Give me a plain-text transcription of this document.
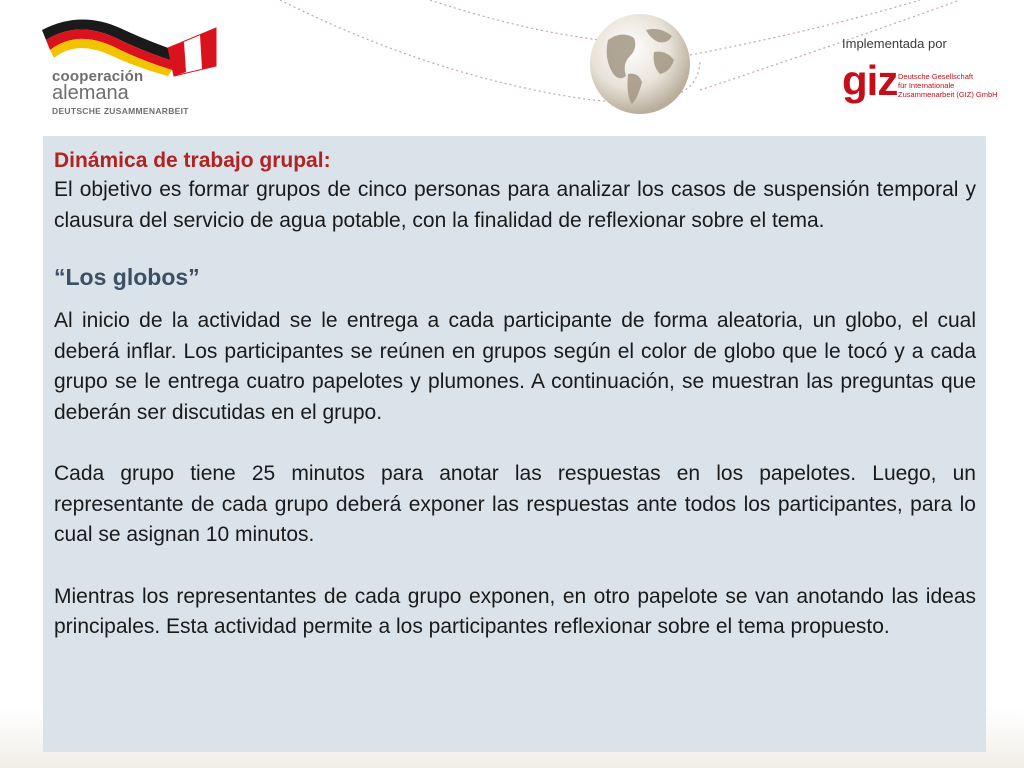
cooperación
alemana
DEUTSCHE ZUSAMMENARBEIT
Implementada por
giz Deutsche Gesellschaft
für Internationale
Zusammenarbeit (GIZ) GmbH
Dinámica de trabajo grupal:

El objetivo es formar grupos de cinco personas para analizar los casos de suspensión temporal y clausura del servicio de agua potable, con la finalidad de reflexionar sobre el tema.

“Los globos”

Al inicio de la actividad se le entrega a cada participante de forma aleatoria, un globo, el cual deberá inflar. Los participantes se reúnen en grupos según el color de globo que le tocó y a cada grupo se le entrega cuatro papelotes y plumones. A continuación, se muestran las preguntas que deberán ser discutidas en el grupo.

Cada grupo tiene 25 minutos para anotar las respuestas en los papelotes. Luego, un representante de cada grupo deberá exponer las respuestas ante todos los participantes, para lo cual se asignan 10 minutos.

Mientras los representantes de cada grupo exponen, en otro papelote se van anotando las ideas principales. Esta actividad permite a los participantes reflexionar sobre el tema propuesto.
